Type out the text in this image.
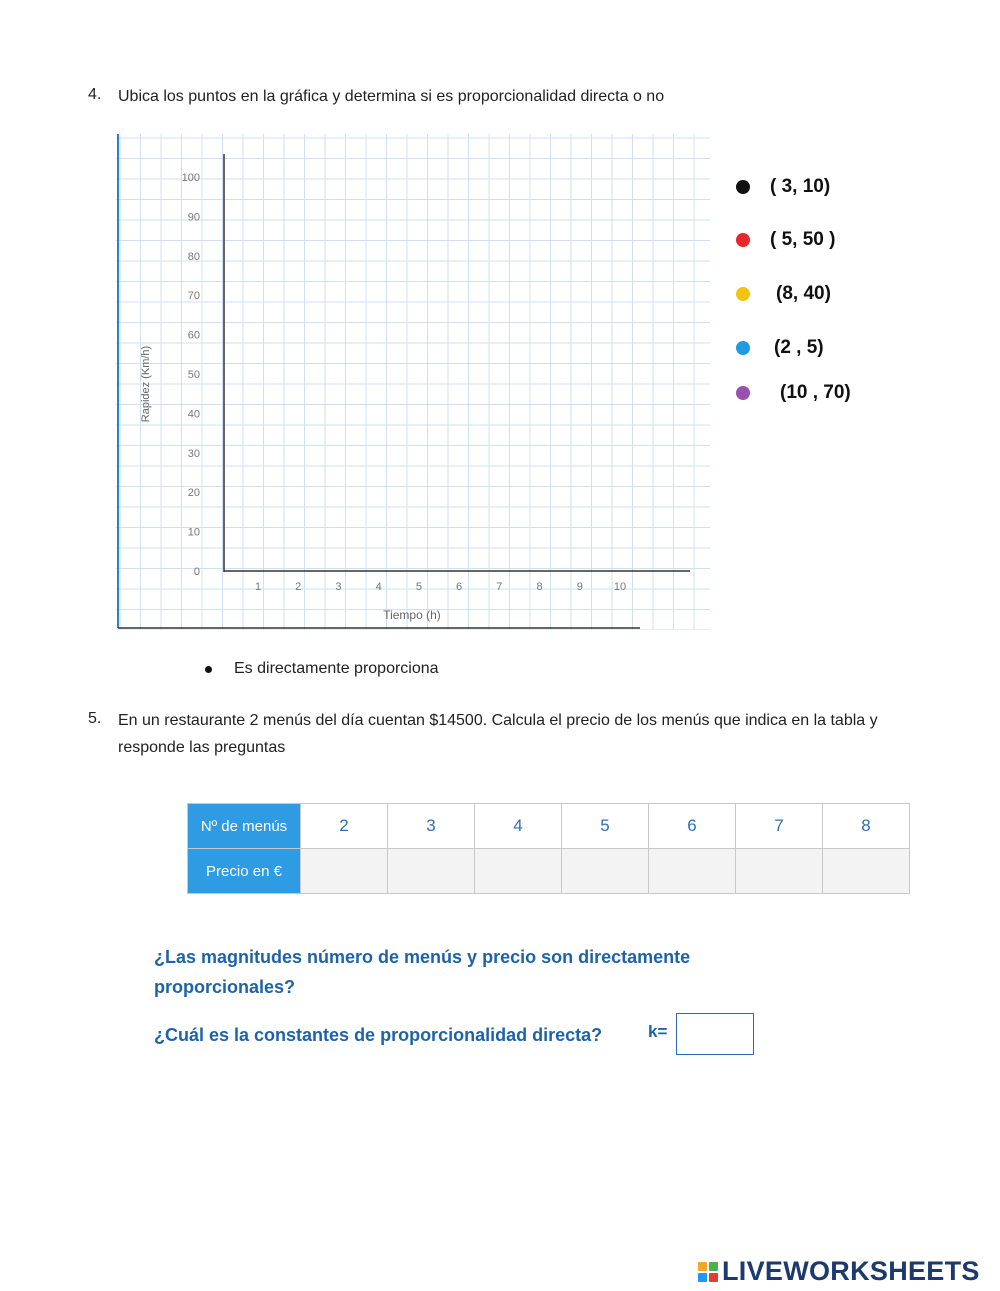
4. Ubica los puntos en la gráfica y determina si es proporcionalidad directa o no
0
10
20
30
40
50
60
70
80
90
100
1	2	3	4	5	6	7	8	9	10
Tiempo (h)
Rapidez (Km/h)
( 3, 10)
( 5, 50 )
(8, 40)
(2 , 5)
(10 , 70)
Es directamente proporciona
5. En un restaurante 2 menús del día cuentan $14500. Calcula el precio de los menús que indica en la tabla y responde las preguntas
Nº de menús	2	3	4	5	6	7	8
Precio en €							
¿Las magnitudes número de menús y precio son directamente proporcionales?
¿Cuál es la constantes de proporcionalidad directa?	k=
LIVEWORKSHEETS
